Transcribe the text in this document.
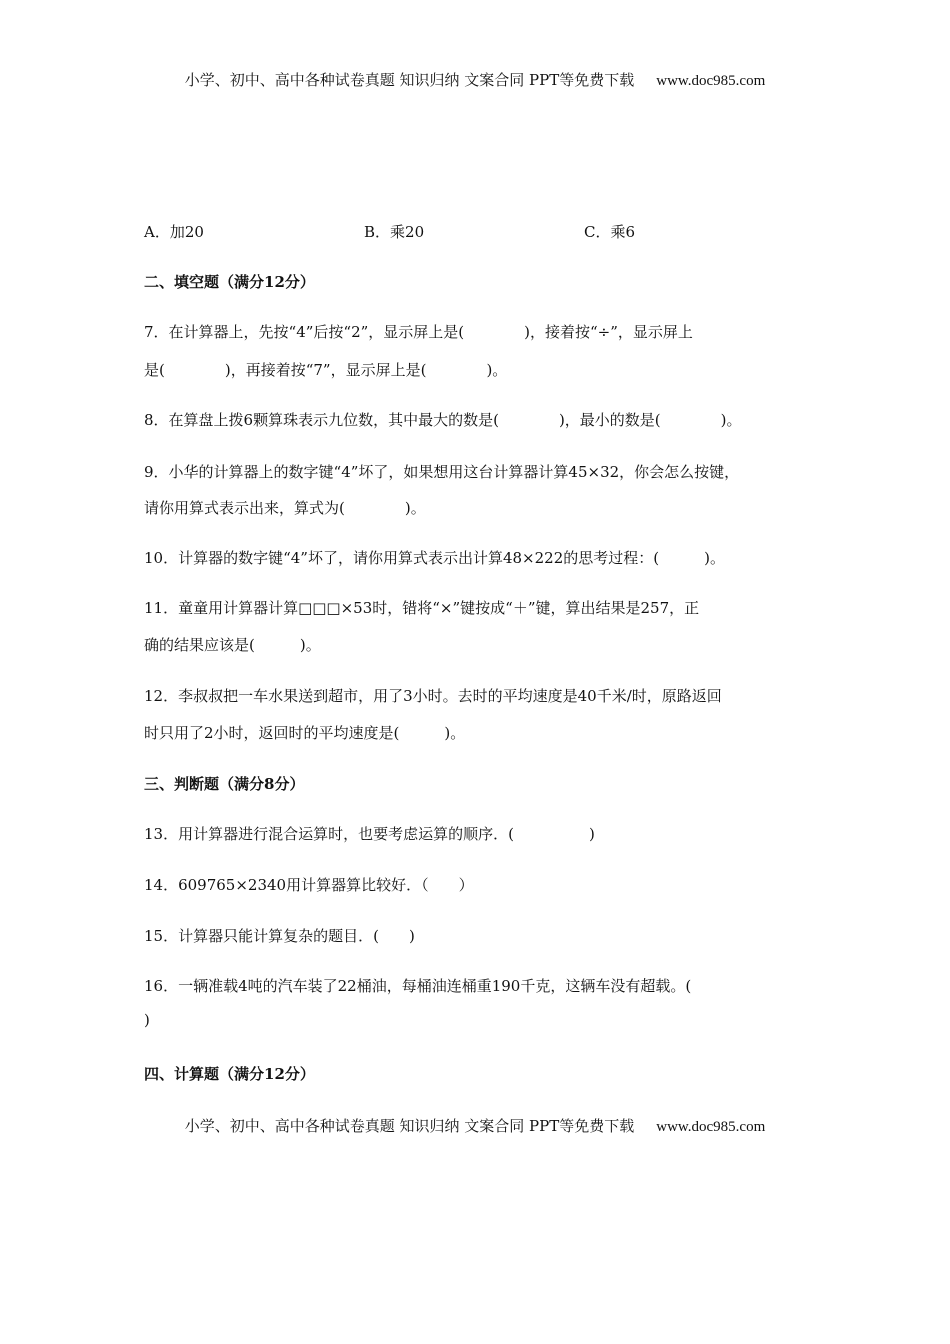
小学、初中、高中各种试卷真题 知识归纳 文案合同 PPT等免费下载 www.doc985.com
A．加20	B．乘20	C．乘6
二、填空题（满分12分）
7．在计算器上，先按“4”后按“2”，显示屏上是(　　　　)，接着按“÷”，显示屏上
是(　　　　)，再接着按“7”，显示屏上是(　　　　)。
8．在算盘上拨6颗算珠表示九位数，其中最大的数是(　　　　)，最小的数是(　　　　)。
9．小华的计算器上的数字键“4”坏了，如果想用这台计算器计算45×32，你会怎么按键，
请你用算式表示出来，算式为(　　　　)。
10．计算器的数字键“4”坏了，请你用算式表示出计算48×222的思考过程：(　　　)。
11．童童用计算器计算□□□×53时，错将“×”键按成“＋”键，算出结果是257，正
确的结果应该是(　　　)。
12．李叔叔把一车水果送到超市，用了3小时。去时的平均速度是40千米/时，原路返回
时只用了2小时，返回时的平均速度是(　　　)。
三、判断题（满分8分）
13．用计算器进行混合运算时，也要考虑运算的顺序．(　　　　　)
14．609765×2340用计算器算比较好．（　　）
15．计算器只能计算复杂的题目．(　　)
16．一辆准载4吨的汽车装了22桶油，每桶油连桶重190千克，这辆车没有超载。(
)
四、计算题（满分12分）
小学、初中、高中各种试卷真题 知识归纳 文案合同 PPT等免费下载 www.doc985.com
